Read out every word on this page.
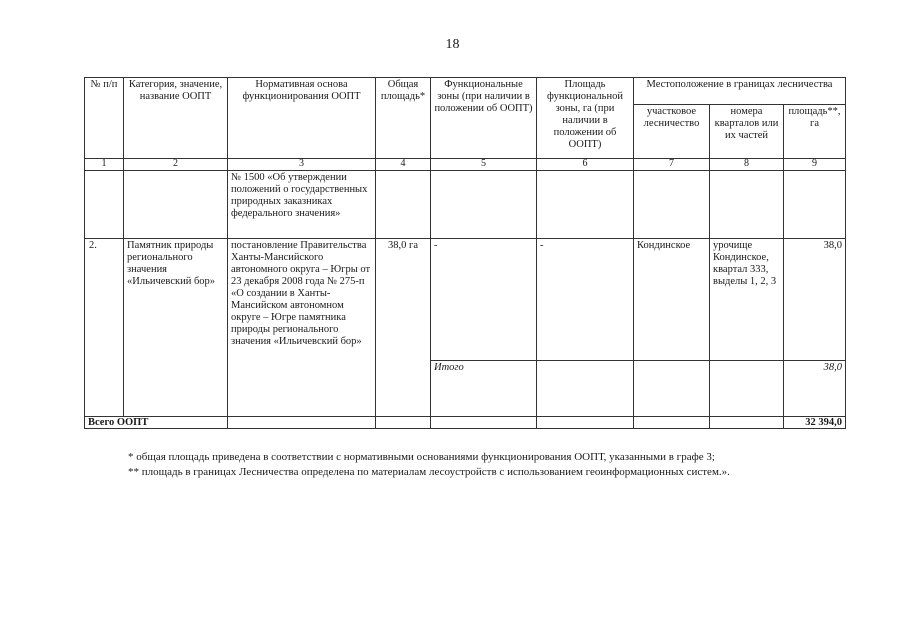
18
№ п/п	Категория, значение, название ООПТ	Нормативная основа функционирования ООПТ	Общая площадь*	Функциональные зоны (при наличии в положении об ООПТ)	Площадь функциональной зоны, га (при наличии в положении об ООПТ)	Местоположение в границах лесничества		
						участковое лесничество	номера кварталов или их частей	площадь**, га
1	2	3	4	5	6	7	8	9
		№ 1500 «Об утверждении положений о государственных природных заказниках федерального значения»						
2.	Памятник природы регионального значения «Ильичевский бор»	постановление Правительства Ханты-Мансийского автономного округа – Югры от 23 декабря 2008 года № 275-п «О создании в Ханты-Мансийском автономном округе – Югре памятника природы регионального значения «Ильичевский бор»	38,0 га	-	-	Кондинское	урочище Кондинское, квартал 333, выделы 1, 2, 3	38,0
				Итого				38,0
Всего ООПТ								32 394,0

* общая площадь приведена в соответствии с нормативными основаниями функционирования ООПТ, указанными в графе 3;

** площадь в границах Лесничества определена по материалам лесоустройств с использованием геоинформационных систем.».
